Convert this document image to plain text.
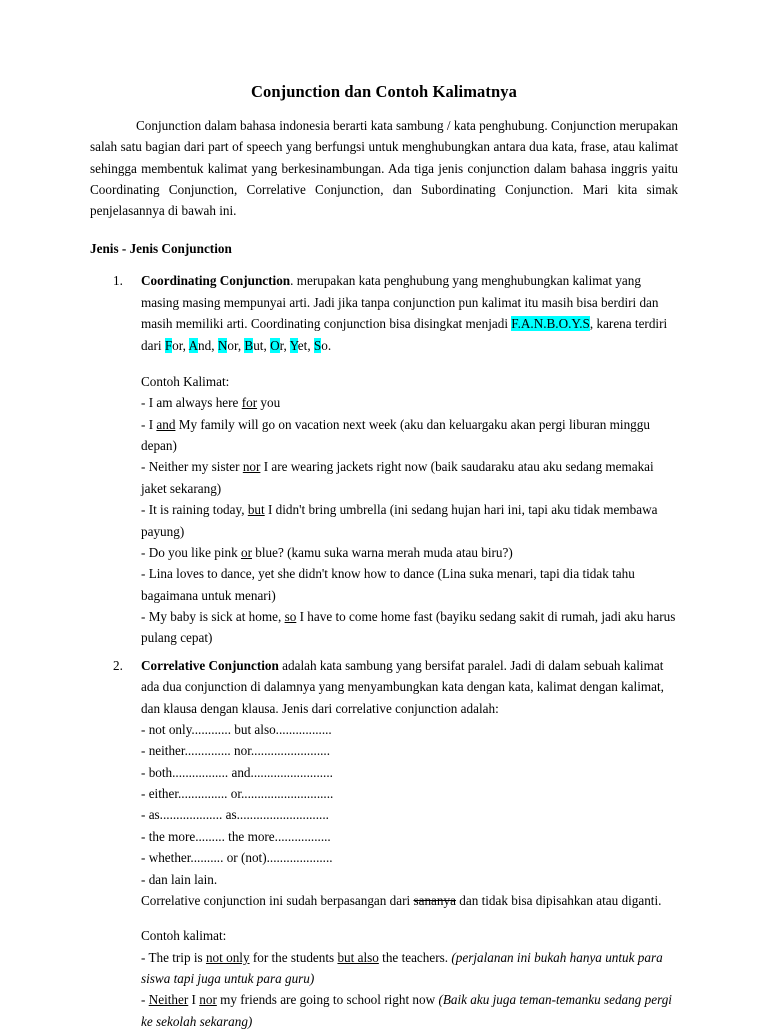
Conjunction dan Contoh Kalimatnya

Conjunction dalam bahasa indonesia berarti kata sambung / kata penghubung. Conjunction merupakan salah satu bagian dari part of speech yang berfungsi untuk menghubungkan antara dua kata, frase, atau kalimat sehingga membentuk kalimat yang berkesinambungan. Ada tiga jenis conjunction dalam bahasa inggris yaitu Coordinating Conjunction, Correlative Conjunction, dan Subordinating Conjunction. Mari kita simak penjelasannya di bawah ini.

Jenis - Jenis Conjunction

Coordinating Conjunction. merupakan kata penghubung yang menghubungkan kalimat yang masing masing mempunyai arti. Jadi jika tanpa conjunction pun kalimat itu masih bisa berdiri dan masih memiliki arti. Coordinating conjunction bisa disingkat menjadi F.A.N.B.O.Y.S, karena terdiri dari For, And, Nor, But, Or, Yet, So.

Contoh Kalimat:

- I am always here for you

- I and My family will go on vacation next week (aku dan keluargaku akan pergi liburan minggu depan)

- Neither my sister nor I are wearing jackets right now (baik saudaraku atau aku sedang memakai jaket sekarang)

- It is raining today, but I didn't bring umbrella (ini sedang hujan hari ini, tapi aku tidak membawa payung)

- Do you like pink or blue? (kamu suka warna merah muda atau biru?)

- Lina loves to dance, yet she didn't know how to dance (Lina suka menari, tapi dia tidak tahu bagaimana untuk menari)

- My baby is sick at home, so I have to come home fast (bayiku sedang sakit di rumah, jadi aku harus pulang cepat)

Correlative Conjunction adalah kata sambung yang bersifat paralel. Jadi di dalam sebuah kalimat ada dua conjunction di dalamnya yang menyambungkan kata dengan kata, kalimat dengan kalimat, dan klausa dengan klausa. Jenis dari correlative conjunction adalah:

- not only............ but also.................

- neither.............. nor........................

- both................. and.........................

- either............... or............................

- as................... as............................

- the more......... the more.................

- whether.......... or (not)....................

- dan lain lain.

Correlative conjunction ini sudah berpasangan dari sananya dan tidak bisa dipisahkan atau diganti.

Contoh kalimat:

- The trip is not only for the students but also the teachers. (perjalanan ini bukah hanya untuk para siswa tapi juga untuk para guru)

- Neither I nor my friends are going to school right now (Baik aku juga teman-temanku sedang pergi ke sekolah sekarang)
